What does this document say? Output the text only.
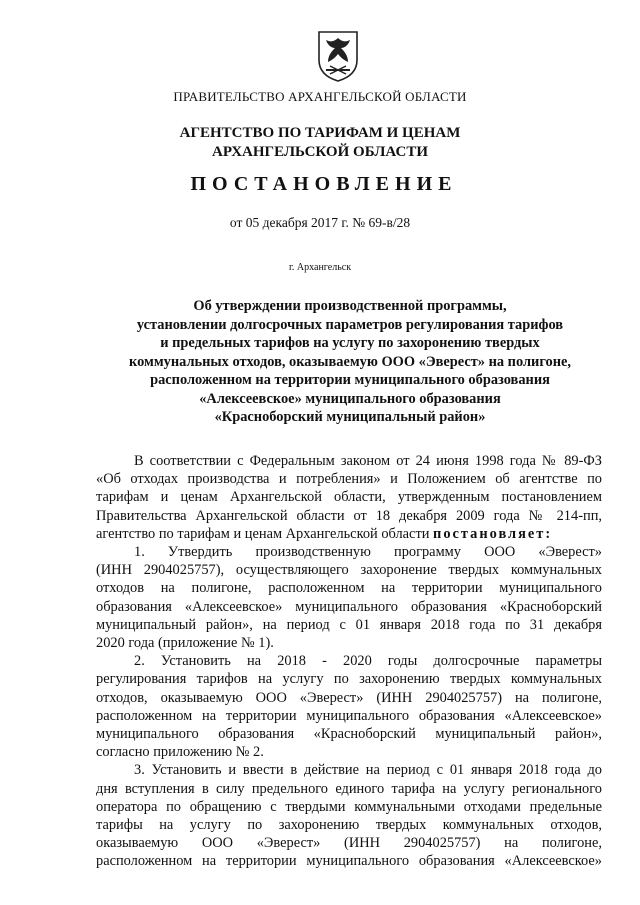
ПРАВИТЕЛЬСТВО АРХАНГЕЛЬСКОЙ ОБЛАСТИ
АГЕНТСТВО ПО ТАРИФАМ И ЦЕНАМ
АРХАНГЕЛЬСКОЙ ОБЛАСТИ
ПОСТАНОВЛЕНИЕ
от 05 декабря 2017 г. № 69-в/28
г. Архангельск
Об утверждении производственной программы,
установлении долгосрочных параметров регулирования тарифов
и предельных тарифов на услугу по захоронению твердых
коммунальных отходов, оказываемую ООО «Эверест» на полигоне,
расположенном на территории муниципального образования
«Алексеевское» муниципального образования
«Красноборский муниципальный район»
В соответствии с Федеральным законом от 24 июня 1998 года № 89-ФЗ
«Об отходах производства и потребления» и Положением об агентстве по
тарифам и ценам Архангельской области, утвержденным постановлением
Правительства Архангельской области от 18 декабря 2009 года № 214-пп,
агентство по тарифам и ценам Архангельской области постановляет:
1. Утвердить производственную программу ООО «Эверест»
(ИНН 2904025757), осуществляющего захоронение твердых коммунальных
отходов на полигоне, расположенном на территории муниципального
образования «Алексеевское» муниципального образования «Красноборский
муниципальный район», на период с 01 января 2018 года по 31 декабря
2020 года (приложение № 1).
2. Установить на 2018 - 2020 годы долгосрочные параметры
регулирования тарифов на услугу по захоронению твердых коммунальных
отходов, оказываемую ООО «Эверест» (ИНН 2904025757) на полигоне,
расположенном на территории муниципального образования «Алексеевское»
муниципального образования «Красноборский муниципальный район»,
согласно приложению № 2.
3. Установить и ввести в действие на период с 01 января 2018 года до
дня вступления в силу предельного единого тарифа на услугу регионального
оператора по обращению с твердыми коммунальными отходами предельные
тарифы на услугу по захоронению твердых коммунальных отходов,
оказываемую ООО «Эверест» (ИНН 2904025757) на полигоне,
расположенном на территории муниципального образования «Алексеевское»
